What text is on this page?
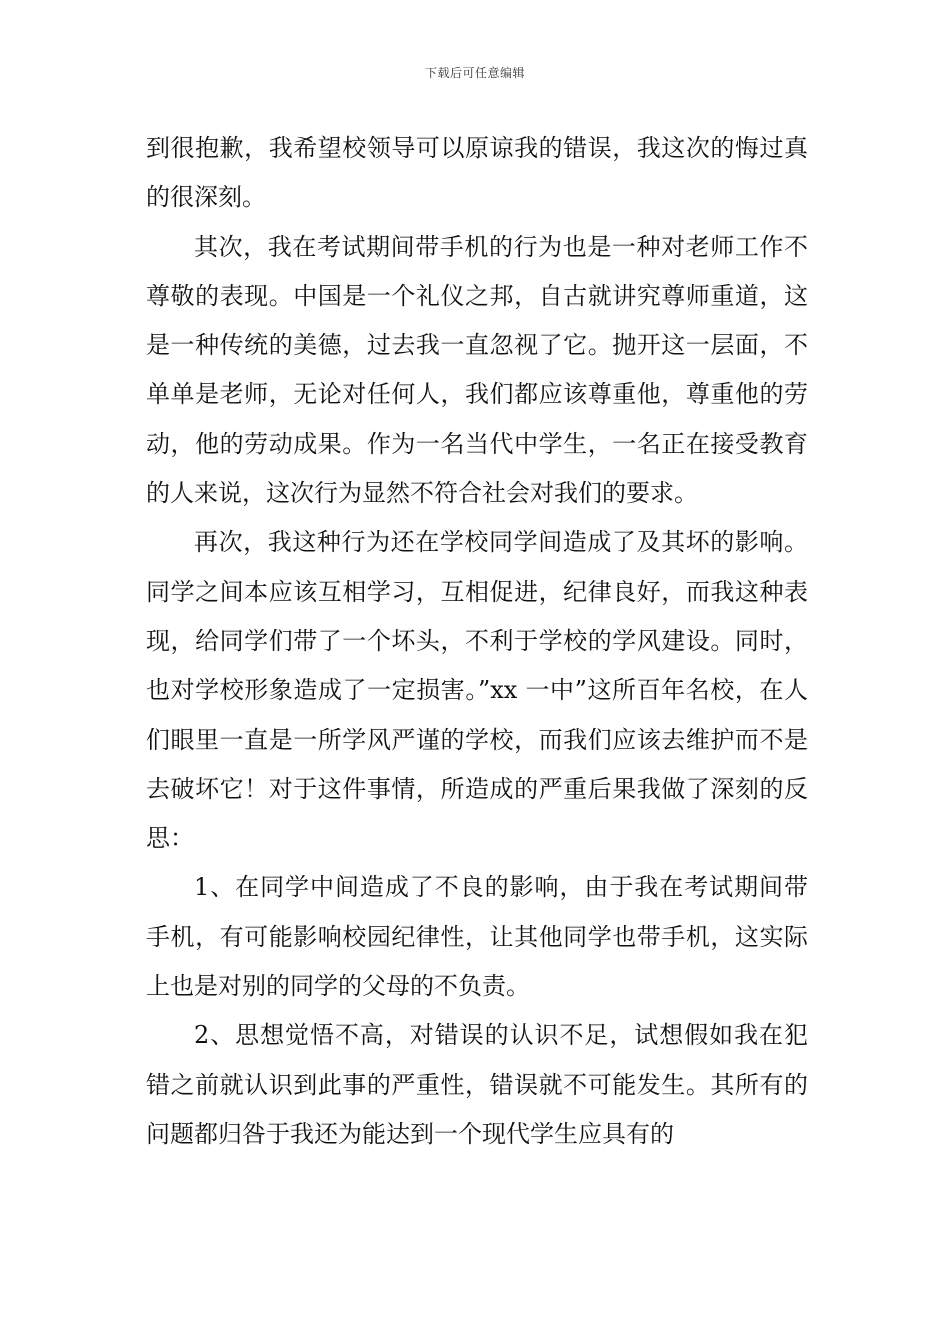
下载后可任意编辑

到很抱歉，我希望校领导可以原谅我的错误，我这次的悔过真的很深刻。

其次，我在考试期间带手机的行为也是一种对老师工作不尊敬的表现。中国是一个礼仪之邦，自古就讲究尊师重道，这是一种传统的美德，过去我一直忽视了它。抛开这一层面，不单单是老师，无论对任何人，我们都应该尊重他，尊重他的劳动，他的劳动成果。作为一名当代中学生，一名正在接受教育的人来说，这次行为显然不符合社会对我们的要求。

再次，我这种行为还在学校同学间造成了及其坏的影响。同学之间本应该互相学习，互相促进，纪律良好，而我这种表现，给同学们带了一个坏头，不利于学校的学风建设。同时，也对学校形象造成了一定损害。”xx 一中”这所百年名校，在人们眼里一直是一所学风严谨的学校，而我们应该去维护而不是去破坏它！对于这件事情，所造成的严重后果我做了深刻的反思：

1、在同学中间造成了不良的影响，由于我在考试期间带手机，有可能影响校园纪律性，让其他同学也带手机，这实际上也是对别的同学的父母的不负责。

2、思想觉悟不高，对错误的认识不足，试想假如我在犯错之前就认识到此事的严重性，错误就不可能发生。其所有的问题都归咎于我还为能达到一个现代学生应具有的
